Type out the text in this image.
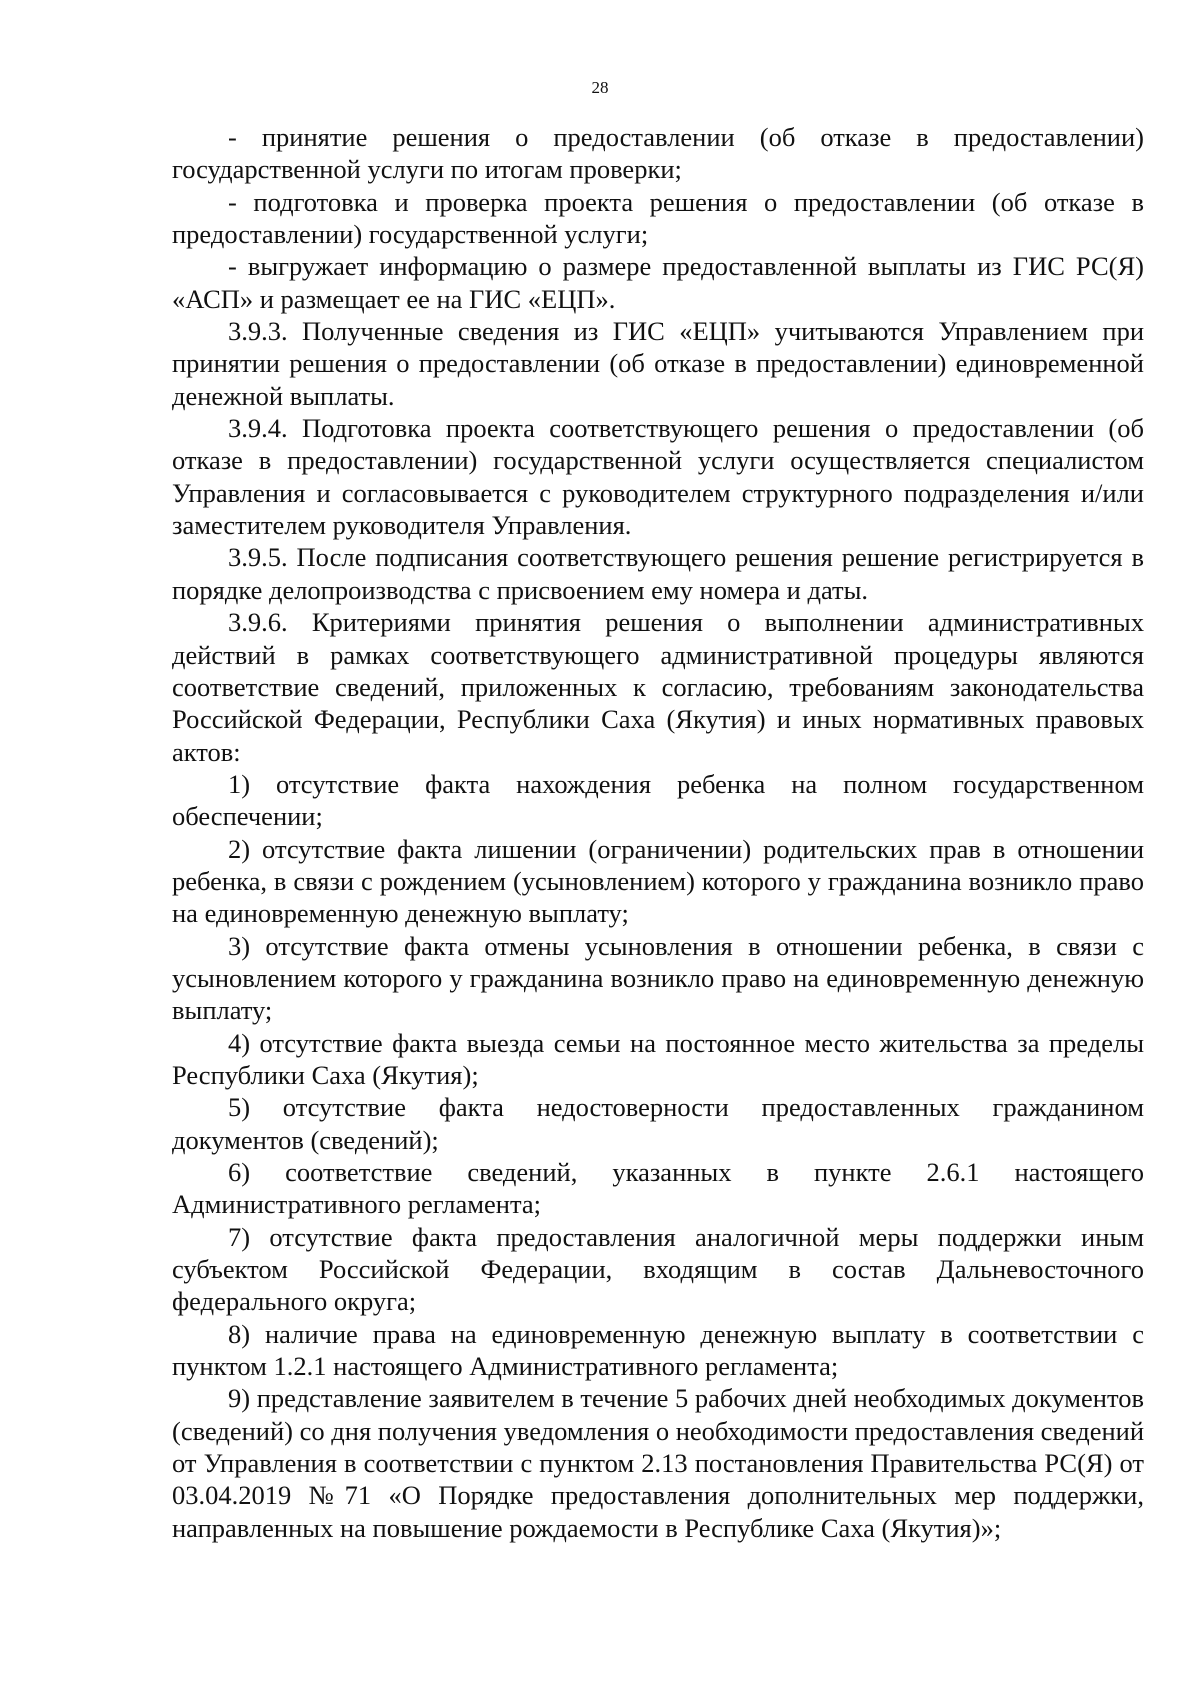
28

- принятие решения о предоставлении (об отказе в предоставлении) государственной услуги по итогам проверки;

- подготовка и проверка проекта решения о предоставлении (об отказе в предоставлении) государственной услуги;

- выгружает информацию о размере предоставленной выплаты из ГИС РС(Я) «АСП» и размещает ее на ГИС «ЕЦП».

3.9.3. Полученные сведения из ГИС «ЕЦП» учитываются Управлением при принятии решения о предоставлении (об отказе в предоставлении) единовременной денежной выплаты.

3.9.4. Подготовка проекта соответствующего решения о предоставлении (об отказе в предоставлении) государственной услуги осуществляется специалистом Управления и согласовывается с руководителем структурного подразделения и/или заместителем руководителя Управления.

3.9.5. После подписания соответствующего решения решение регистрируется в порядке делопроизводства с присвоением ему номера и даты.

3.9.6. Критериями принятия решения о выполнении административных действий в рамках соответствующего административной процедуры являются соответствие сведений, приложенных к согласию, требованиям законодательства Российской Федерации, Республики Саха (Якутия) и иных нормативных правовых актов:

1) отсутствие факта нахождения ребенка на полном государственном обеспечении;

2) отсутствие факта лишении (ограничении) родительских прав в отношении ребенка, в связи с рождением (усыновлением) которого у гражданина возникло право на единовременную денежную выплату;

3) отсутствие факта отмены усыновления в отношении ребенка, в связи с усыновлением которого у гражданина возникло право на единовременную денежную выплату;

4) отсутствие факта выезда семьи на постоянное место жительства за пределы Республики Саха (Якутия);

5) отсутствие факта недостоверности предоставленных гражданином документов (сведений);

6) соответствие сведений, указанных в пункте 2.6.1 настоящего Административного регламента;

7) отсутствие факта предоставления аналогичной меры поддержки иным субъектом Российской Федерации, входящим в состав Дальневосточного федерального округа;

8) наличие права на единовременную денежную выплату в соответствии с пунктом 1.2.1 настоящего Административного регламента;

9) представление заявителем в течение 5 рабочих дней необходимых документов (сведений) со дня получения уведомления о необходимости предоставления сведений от Управления в соответствии с пунктом 2.13 постановления Правительства РС(Я) от 03.04.2019 №71 «О Порядке предоставления дополнительных мер поддержки, направленных на повышение рождаемости в Республике Саха (Якутия)»;
